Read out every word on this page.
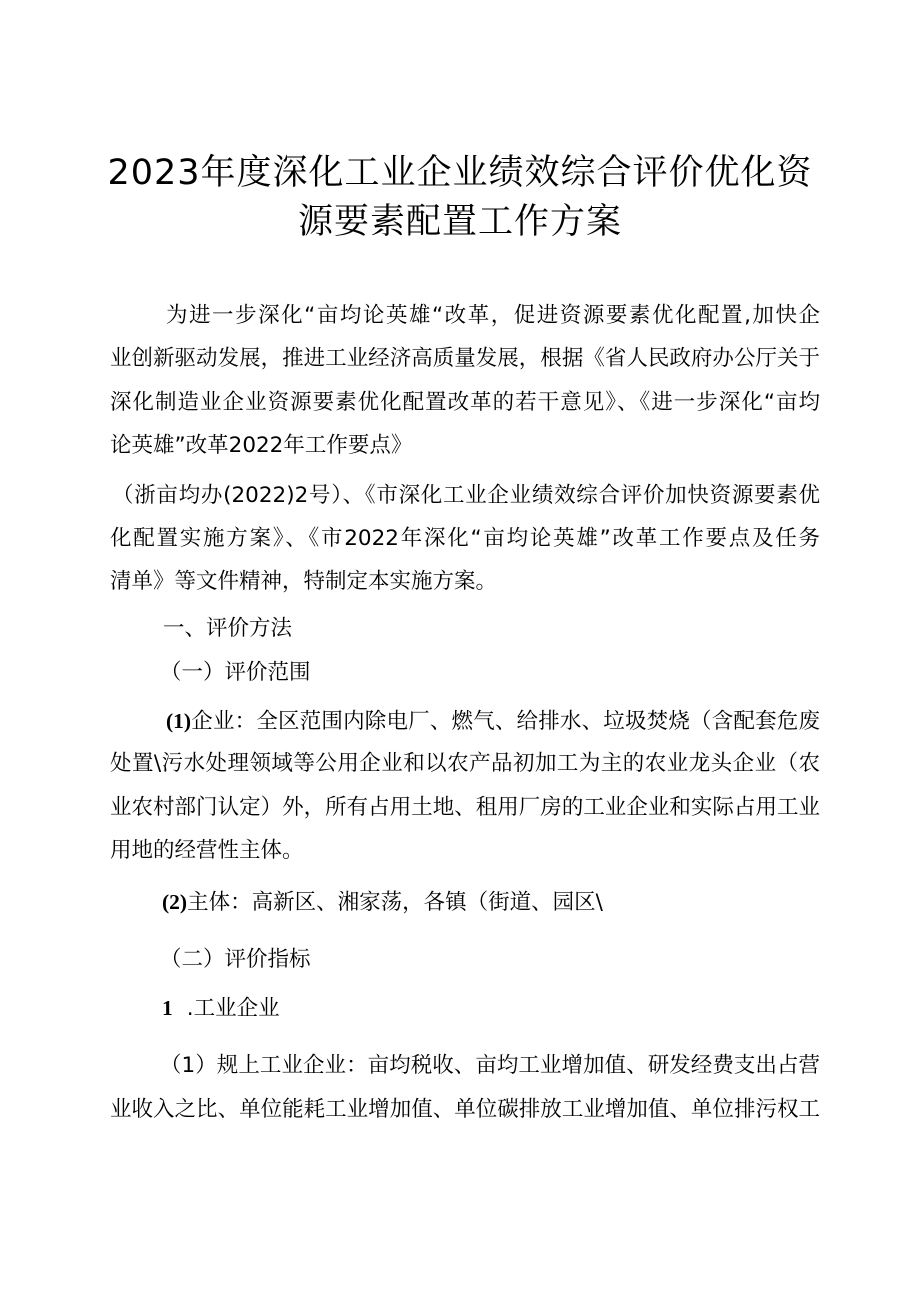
2023年度深化工业企业绩效综合评价优化资
源要素配置工作方案
为进一步深化“亩均论英雄“改革，促进资源要素优化配置,加快企
业创新驱动发展，推进工业经济高质量发展，根据《省人民政府办公厅关于
深化制造业企业资源要素优化配置改革的若干意见》、《进一步深化“亩均
论英雄”改革2022年工作要点》
（浙亩均办(2022)2号）、《市深化工业企业绩效综合评价加快资源要素优
化配置实施方案》、《市2022年深化“亩均论英雄”改革工作要点及任务
清单》等文件精神，特制定本实施方案。
一、评价方法
（一）评价范围
(1)企业：全区范围内除电厂、燃气、给排水、垃圾焚烧（含配套危废
处置\污水处理领域等公用企业和以农产品初加工为主的农业龙头企业（农
业农村部门认定）外，所有占用土地、租用厂房的工业企业和实际占用工业
用地的经营性主体。
(2)主体：高新区、湘家荡，各镇（街道、园区\
（二）评价指标
1 .工业企业
（1）规上工业企业：亩均税收、亩均工业增加值、研发经费支出占营
业收入之比、单位能耗工业增加值、单位碳排放工业增加值、单位排污权工
